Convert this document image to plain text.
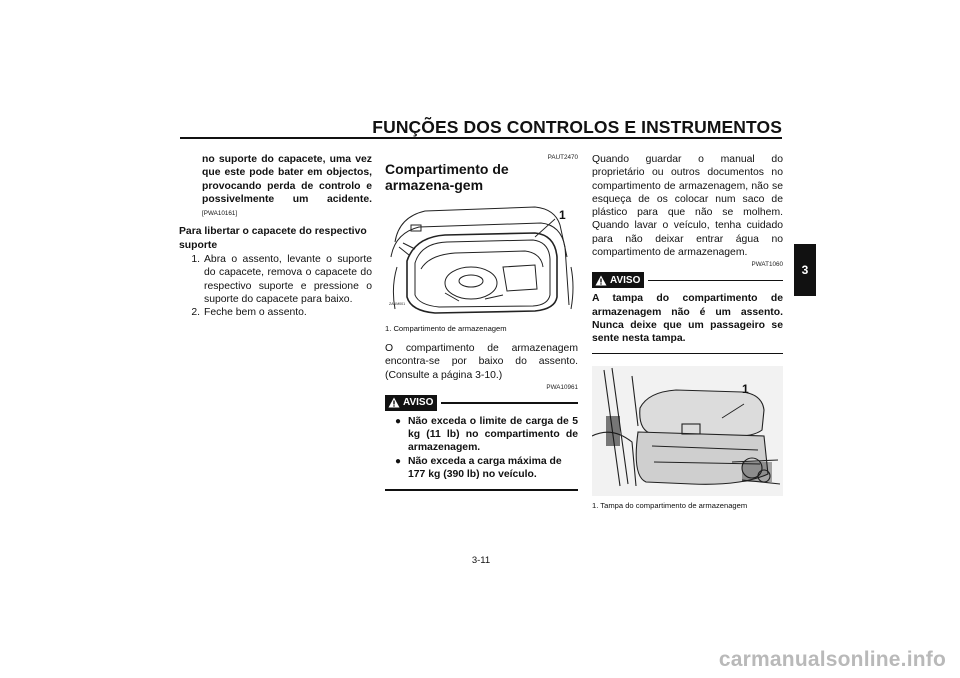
FUNÇÕES DOS CONTROLOS E INSTRUMENTOS
3
no suporte do capacete, uma vez que este pode bater em objectos, provocando perda de controlo e possivelmente um acidente.[PWA10161]
Para libertar o capacete do respectivo suporte
1. Abra o assento, levante o suporte do capacete, remova o capacete do respectivo suporte e pressione o suporte do capacete para baixo.
2. Feche bem o assento.
PAUT2470
Compartimento de armazena-gem
ZAUM001
1
1. Compartimento de armazenagem
O compartimento de armazenagem encontra-se por baixo do assento. (Consulte a página 3-10.)
PWA10961
AVISO
● Não exceda o limite de carga de 5 kg (11 lb) no compartimento de armazenagem.
● Não exceda a carga máxima de 177 kg (390 lb) no veículo.
Quando guardar o manual do proprietário ou outros documentos no compartimento de armazenagem, não se esqueça de os colocar num saco de plástico para que não se molhem. Quando lavar o veículo, tenha cuidado para não deixar entrar água no compartimento de armazenagem.
PWAT1060
AVISO
A tampa do compartimento de armazenagem não é um assento. Nunca deixe que um passageiro se sente nesta tampa.
1
1. Tampa do compartimento de armazenagem
3-11
carmanualsonline.info
